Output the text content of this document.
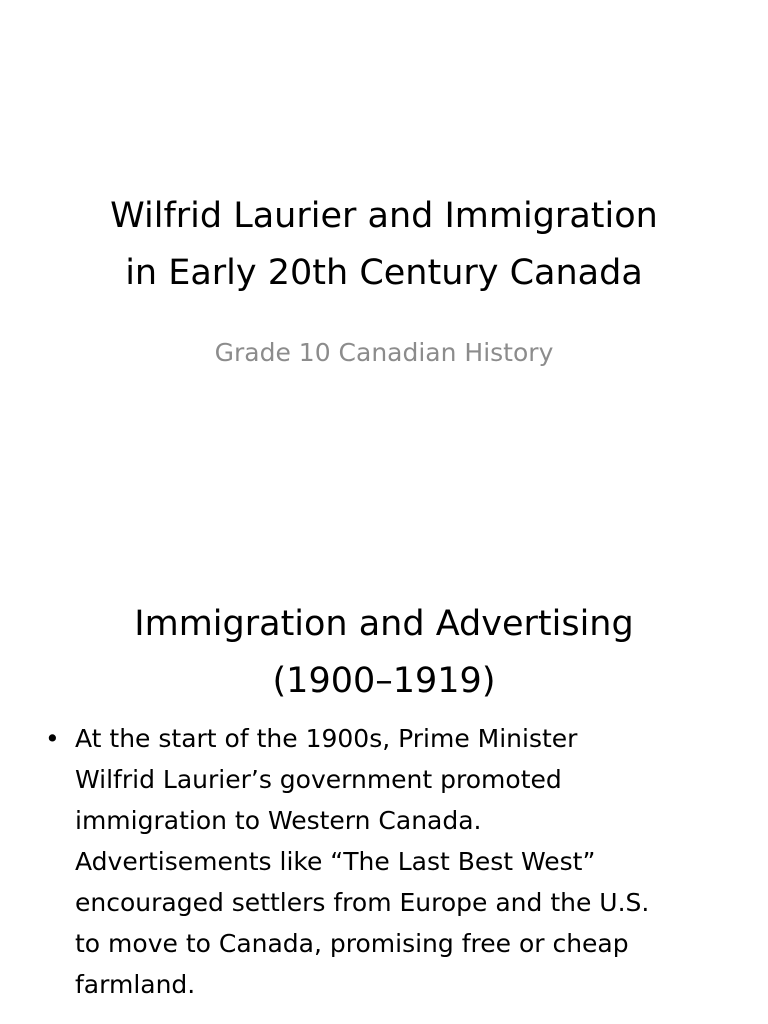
Wilfrid Laurier and Immigration
in Early 20th Century Canada

Grade 10 Canadian History

Immigration and Advertising
(1900–1919)
• At the start of the 1900s, Prime Minister
Wilfrid Laurier’s government promoted
immigration to Western Canada.
Advertisements like “The Last Best West”
encouraged settlers from Europe and the U.S.
to move to Canada, promising free or cheap
farmland.
